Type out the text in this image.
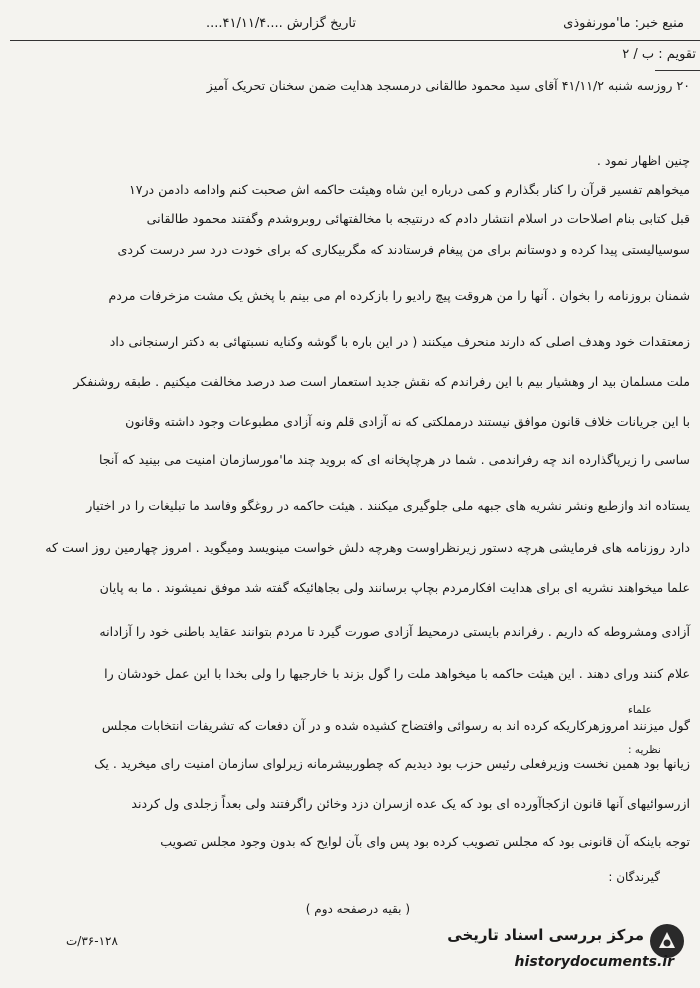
منبع خبر: ما'مورنفوذی
تاریخ گزارش ....۴۱/۱۱/۴....
تقویم : ب / ۲
۲۰ روزسه شنبه ۴۱/۱۱/۲ آقای سید محمود طالقانی درمسجد هدایت ضمن سخنان تحریک آمیز
چنین اظهار نمود .
میخواهم تفسیر قرآن را کنار بگذارم و کمی درباره این شاه وهیئت حاکمه اش صحبت کنم وادامه دادمن در۱۷
قبل کتابی بنام اصلاحات در اسلام انتشار دادم که درنتیجه با مخالفتهائی روبروشدم وگفتند محمود طالقانی
سوسیالیستی پیدا کرده و دوستانم برای من پیغام فرستادند که مگربیکاری که برای خودت درد سر درست کردی
شمنان بروزنامه را بخوان . آنها را من هروقت پیچ رادیو را بازکرده ام می بینم با پخش یک مشت مزخرفات مردم
زمعتقدات خود وهدف اصلی که دارند منحرف میکنند ( در این باره با گوشه وکنایه نسبتهائی به دکتر ارسنجانی داد
ملت مسلمان بید ار وهشیار بیم با این رفراندم که نقش جدید استعمار است صد درصد مخالفت میکنیم . طبقه روشنفکر
با این جریانات خلاف قانون موافق نیستند درمملکتی که نه آزادی قلم ونه آزادی مطبوعات وجود داشته وقانون
ساسی را زیرپاگذارده اند چه رفراندمی . شما در هرچاپخانه ای که بروید چند ما'مورسازمان امنیت می بینید که آنجا
یستاده اند وازطبع ونشر نشریه های جبهه ملی جلوگیری میکنند . هیئت حاکمه در روغگو وفاسد ما تبلیغات را در اختیار
دارد روزنامه های فرمایشی هرچه دستور زیرنظراوست وهرچه دلش خواست مینویسد ومیگوید . امروز چهارمین روز است که
علما میخواهند نشریه ای برای هدایت افکارمردم بچاپ برسانند ولی بجاهائیکه گفته شد موفق نمیشوند . ما به پایان
آزادی ومشروطه که داریم . رفراندم بایستی درمحیط آزادی صورت گیرد تا مردم بتوانند عقاید باطنی خود را آزادانه
علام کنند ورای دهند . این هیئت حاکمه با میخواهد ملت را گول بزند با خارجیها را ولی بخدا با این عمل خودشان را
گول میزنند امروزهرکاریکه کرده اند به رسوائی وافتضاح کشیده شده و در آن دفعات که تشریفات انتخابات مجلس
زیانها بود همین نخست وزیرفعلی رئیس حزب بود دیدیم که چطوربیشرمانه زیرلوای سازمان امنیت رای میخرید . یک
ازرسوائیهای آنها قانون ازکجاآورده ای بود که یک عده ازسران دزد وخائن راگرفتند ولی بعداً زجلدی ول کردند
توجه باینکه آن قانونی بود که مجلس تصویب کرده بود پس وای بآن لوایح که بدون وجود مجلس تصویب
علماء
نظریه :
گیرندگان :
( بقیه درصفحه دوم )
۳۶-۱۲۸/ت	مرکز بررسی اسناد تاریخی
historydocuments.ir
